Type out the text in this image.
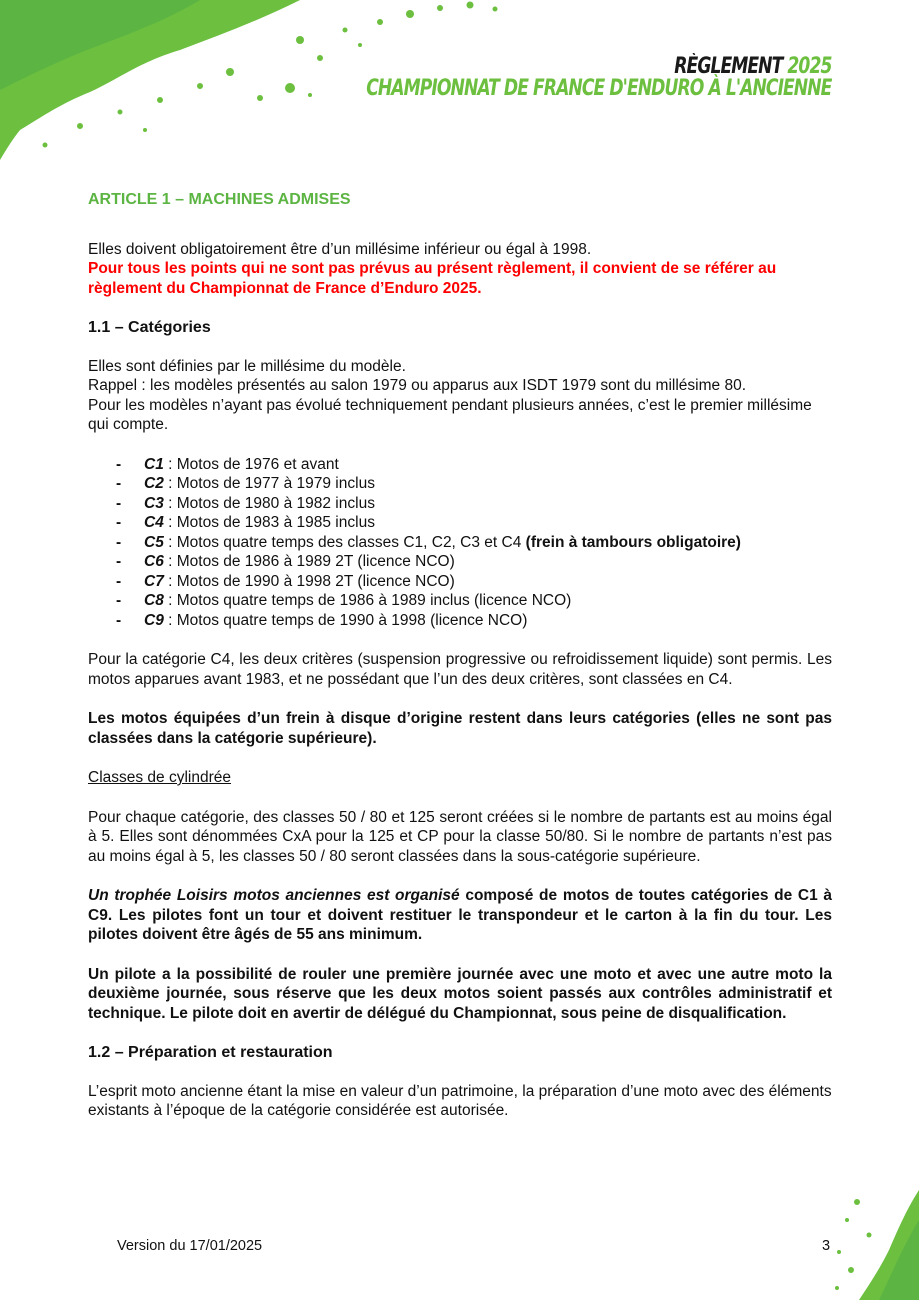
RÈGLEMENT 2025
CHAMPIONNAT DE FRANCE D'ENDURO À L'ANCIENNE
ARTICLE 1 – MACHINES ADMISES

Elles doivent obligatoirement être d’un millésime inférieur ou égal à 1998.
Pour tous les points qui ne sont pas prévus au présent règlement, il convient de se référer au règlement du Championnat de France d’Enduro 2025.

1.1 – Catégories

Elles sont définies par le millésime du modèle.
Rappel : les modèles présentés au salon 1979 ou apparus aux ISDT 1979 sont du millésime 80.
Pour les modèles n’ayant pas évolué techniquement pendant plusieurs années, c’est le premier millésime qui compte.

- C1 : Motos de 1976 et avant
- C2 : Motos de 1977 à 1979 inclus
- C3 : Motos de 1980 à 1982 inclus
- C4 : Motos de 1983 à 1985 inclus
- C5 : Motos quatre temps des classes C1, C2, C3 et C4 (frein à tambours obligatoire)
- C6 : Motos de 1986 à 1989 2T (licence NCO)
- C7 : Motos de 1990 à 1998 2T (licence NCO)
- C8 : Motos quatre temps de 1986 à 1989 inclus (licence NCO)
- C9 : Motos quatre temps de 1990 à 1998 (licence NCO)

Pour la catégorie C4, les deux critères (suspension progressive ou refroidissement liquide) sont permis. Les motos apparues avant 1983, et ne possédant que l’un des deux critères, sont classées en C4.

Les motos équipées d’un frein à disque d’origine restent dans leurs catégories (elles ne sont pas classées dans la catégorie supérieure).

Classes de cylindrée

Pour chaque catégorie, des classes 50 / 80 et 125 seront créées si le nombre de partants est au moins égal à 5. Elles sont dénommées CxA pour la 125 et CP pour la classe 50/80. Si le nombre de partants n’est pas au moins égal à 5, les classes 50 / 80 seront classées dans la sous-catégorie supérieure.

Un trophée Loisirs motos anciennes est organisé composé de motos de toutes catégories de C1 à C9. Les pilotes font un tour et doivent restituer le transpondeur et le carton à la fin du tour. Les pilotes doivent être âgés de 55 ans minimum.

Un pilote a la possibilité de rouler une première journée avec une moto et avec une autre moto la deuxième journée, sous réserve que les deux motos soient passés aux contrôles administratif et technique. Le pilote doit en avertir de délégué du Championnat, sous peine de disqualification.

1.2 – Préparation et restauration

L’esprit moto ancienne étant la mise en valeur d’un patrimoine, la préparation d’une moto avec des éléments existants à l’époque de la catégorie considérée est autorisée.

Version du 17/01/2025	3
